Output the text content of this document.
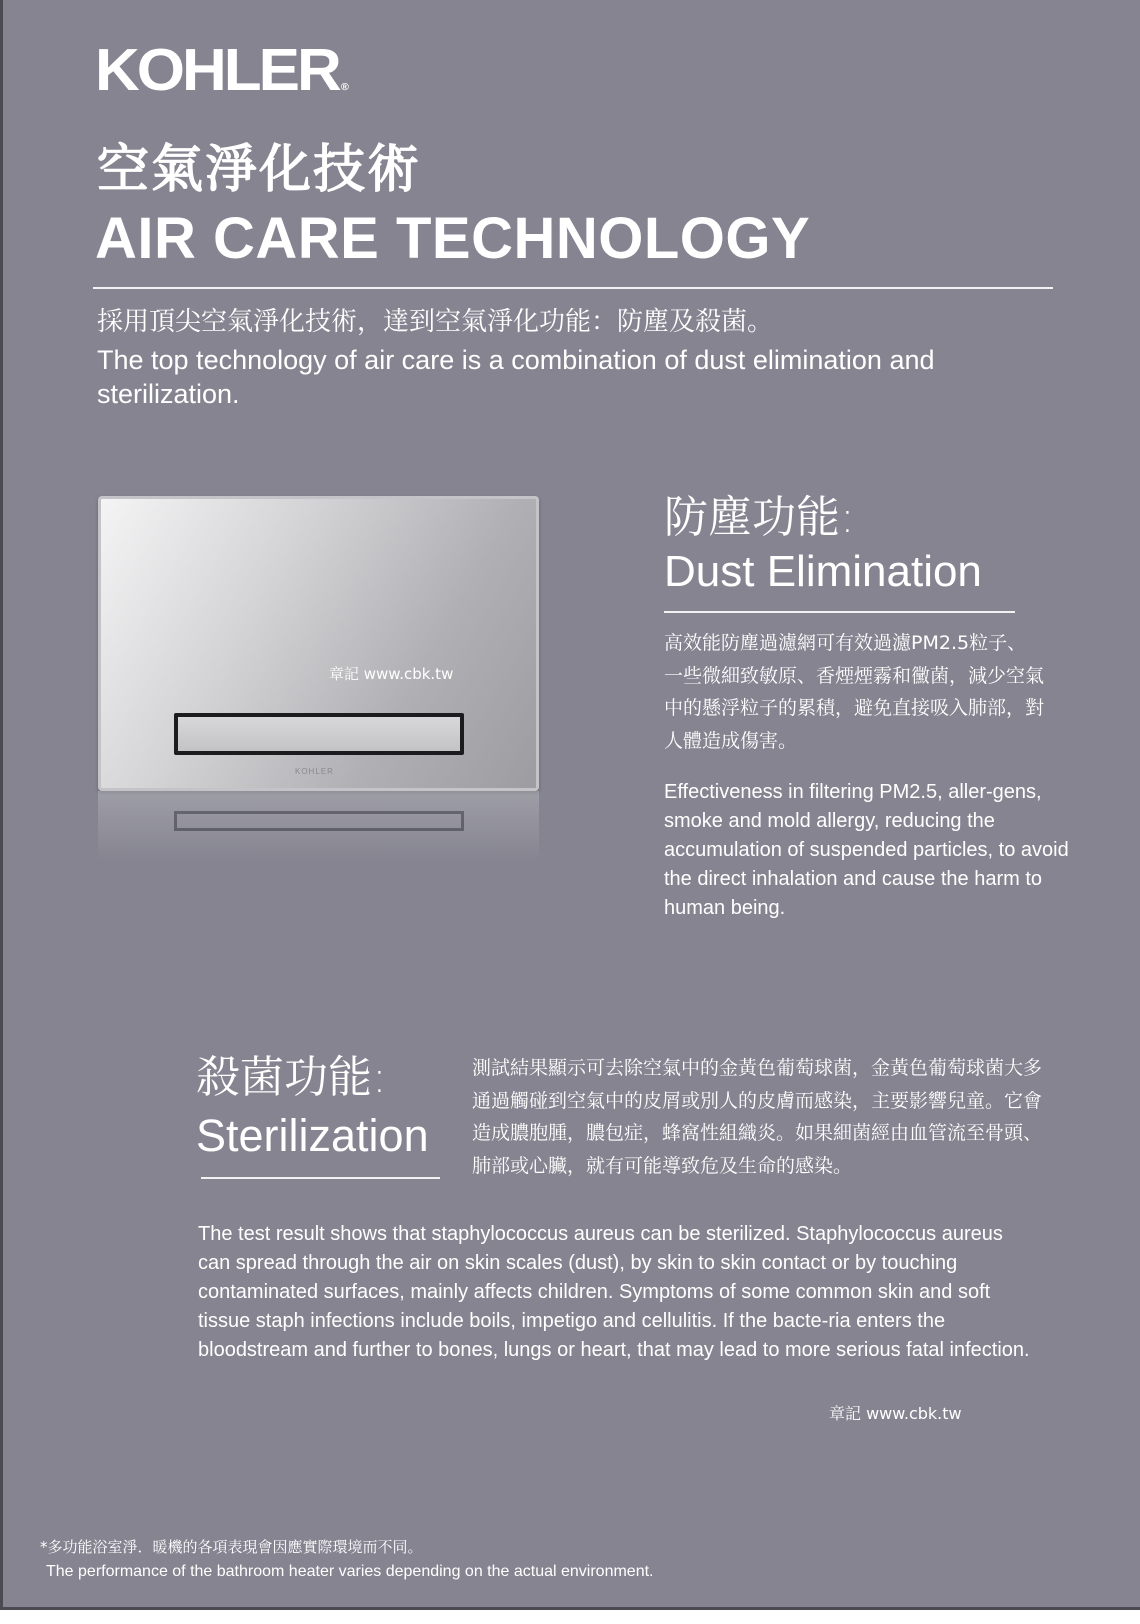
KOHLER ®
空氣淨化技術
AIR CARE TECHNOLOGY
採用頂尖空氣淨化技術，達到空氣淨化功能：防塵及殺菌。
The top technology of air care is a combination of dust elimination and sterilization.
章記 www.cbk.tw
KOHLER
防塵功能:
Dust Elimination
高效能防塵過濾網可有效過濾PM2.5粒子、一些微細致敏原、香煙煙霧和黴菌，減少空氣中的懸浮粒子的累積，避免直接吸入肺部，對人體造成傷害。
Effectiveness in filtering PM2.5, aller-gens, smoke and mold allergy, reducing the accumulation of suspended particles, to avoid the direct inhalation and cause the harm to human being.
殺菌功能:
Sterilization
測試結果顯示可去除空氣中的金黃色葡萄球菌，金黃色葡萄球菌大多通過觸碰到空氣中的皮屑或別人的皮膚而感染，主要影響兒童。它會造成膿胞腫，膿包症，蜂窩性組織炎。如果細菌經由血管流至骨頭、肺部或心臟，就有可能導致危及生命的感染。
The test result shows that staphylococcus aureus can be sterilized. Staphylococcus aureus can spread through the air on skin scales (dust), by skin to skin contact or by touching contaminated surfaces, mainly affects children. Symptoms of some common skin and soft tissue staph infections include boils, impetigo and cellulitis. If the bacte-ria enters the bloodstream and further to bones, lungs or heart, that may lead to more serious fatal infection.
章記 www.cbk.tw
*多功能浴室淨．暖機的各項表現會因應實際環境而不同。
The performance of the bathroom heater varies depending on the actual environment.
